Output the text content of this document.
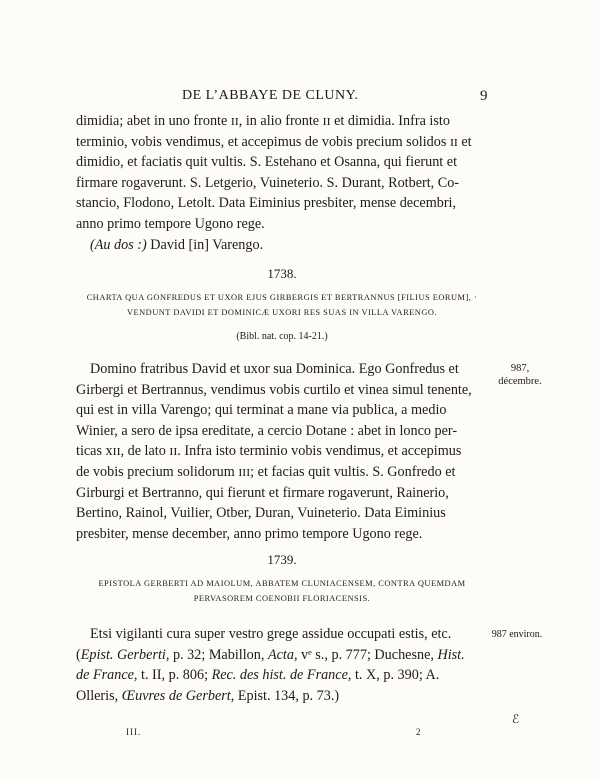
DE L’ABBAYE DE CLUNY.	9

dimidia; abet in uno fronte ɪɪ, in alio fronte ɪɪ et dimidia. Infra isto

terminio, vobis vendimus, et accepimus de vobis precium solidos ɪɪ et

dimidio, et faciatis quit vultis. S. Estehano et Osanna, qui fierunt et

firmare rogaverunt. S. Letgerio, Vuineterio. S. Durant, Rotbert, Co-

stancio, Flodono, Letolt. Data Eiminius presbiter, mense decembri,

anno primo tempore Ugono rege.

(Au dos :) David [in] Varengo.

1738.
CHARTA QUA GONFREDUS ET UXOR EJUS GIRBERGIS ET BERTRANNUS [FILIUS EORUM], ·
VENDUNT DAVIDI ET DOMINICÆ UXORI RES SUAS IN VILLA VARENGO.
(Bibl. nat. cop. 14-21.)
987,
décembre.

Domino fratribus David et uxor sua Dominica. Ego Gonfredus et

Girbergi et Bertrannus, vendimus vobis curtilo et vinea simul tenente,

qui est in villa Varengo; qui terminat a mane via publica, a medio

Winier, a sero de ipsa ereditate, a cercio Dotane : abet in lonco per-

ticas xɪɪ, de lato ɪɪ. Infra isto terminio vobis vendimus, et accepimus

de vobis precium solidorum ɪɪɪ; et facias quit vultis. S. Gonfredo et

Girburgi et Bertranno, qui fierunt et firmare rogaverunt, Rainerio,

Bertino, Rainol, Vuilier, Otber, Duran, Vuineterio. Data Eiminius

presbiter, mense december, anno primo tempore Ugono rege.

1739.
EPISTOLA GERBERTI AD MAIOLUM, ABBATEM CLUNIACENSEM, CONTRA QUEMDAM
PERVASOREM COENOBII FLORIACENSIS.
987 environ.

Etsi vigilanti cura super vestro grege assidue occupati estis, etc.

(Epist. Gerberti, p. 32; Mabillon, Acta, vᵉ s., p. 777; Duchesne, Hist.

de France, t. II, p. 806; Rec. des hist. de France, t. X, p. 390; A.

Olleris, Œuvres de Gerbert, Epist. 134, p. 73.)

ℰ
III.	2
